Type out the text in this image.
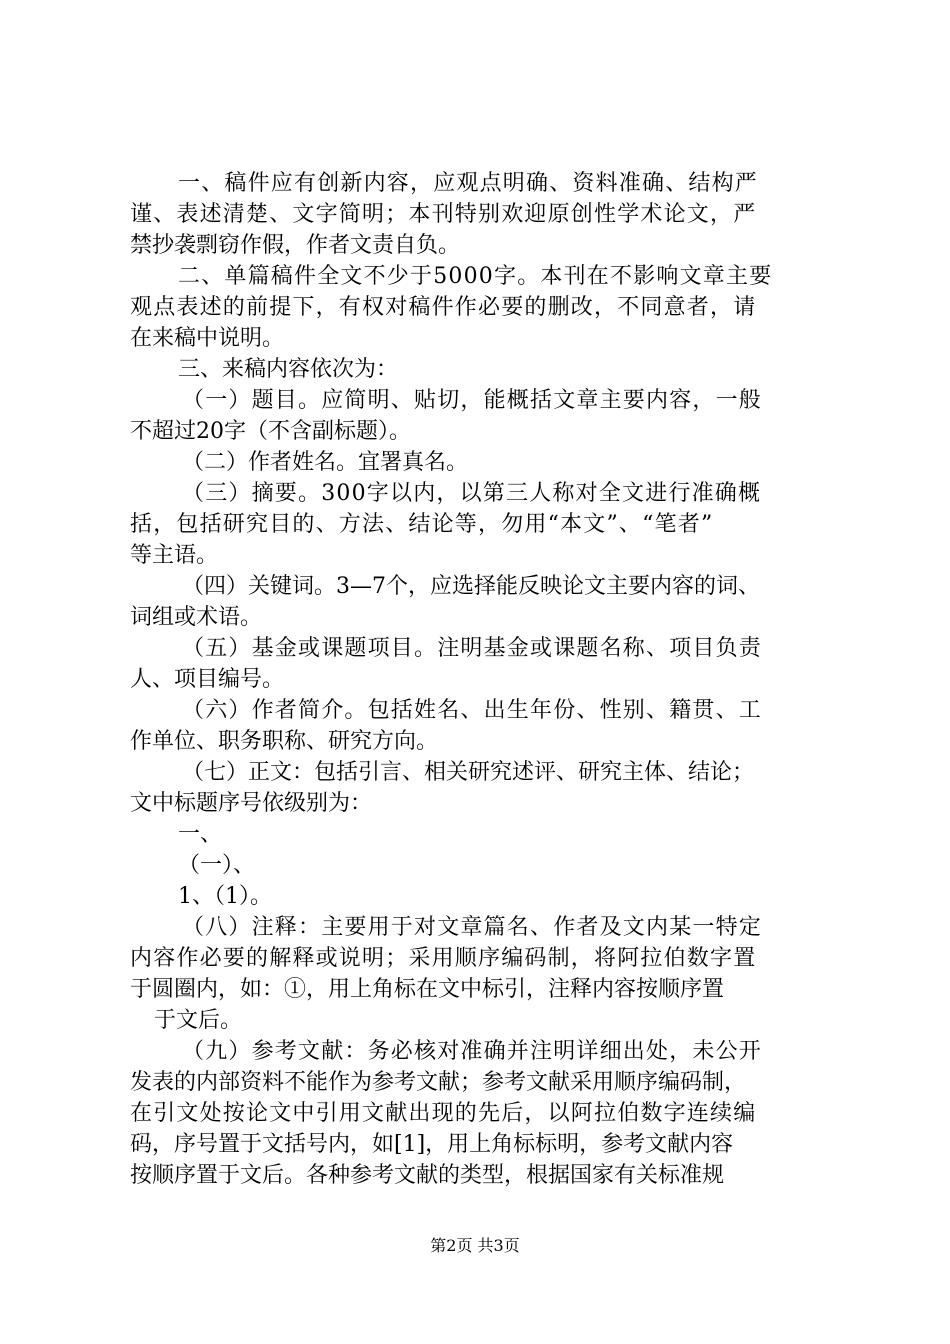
一、稿件应有创新内容，应观点明确、资料准确、结构严
谨、表述清楚、文字简明；本刊特别欢迎原创性学术论文，严
禁抄袭剽窃作假，作者文责自负。
二、单篇稿件全文不少于5000字。本刊在不影响文章主要
观点表述的前提下，有权对稿件作必要的删改，不同意者，请
在来稿中说明。
三、来稿内容依次为：
（一）题目。应简明、贴切，能概括文章主要内容，一般
不超过20字（不含副标题）。
（二）作者姓名。宜署真名。
（三）摘要。300字以内，以第三人称对全文进行准确概
括，包括研究目的、方法、结论等，勿用“本文”、“笔者”
等主语。
（四）关键词。3—7个，应选择能反映论文主要内容的词、
词组或术语。
（五）基金或课题项目。注明基金或课题名称、项目负责
人、项目编号。
（六）作者简介。包括姓名、出生年份、性别、籍贯、工
作单位、职务职称、研究方向。
（七）正文：包括引言、相关研究述评、研究主体、结论；
文中标题序号依级别为：
一、
（一）、
1、（1）。
（八）注释：主要用于对文章篇名、作者及文内某一特定
内容作必要的解释或说明；采用顺序编码制，将阿拉伯数字置
于圆圈内，如：①，用上角标在文中标引，注释内容按顺序置
于文后。
（九）参考文献：务必核对准确并注明详细出处，未公开
发表的内部资料不能作为参考文献；参考文献采用顺序编码制，
在引文处按论文中引用文献出现的先后，以阿拉伯数字连续编
码，序号置于文括号内，如[1]，用上角标标明，参考文献内容
按顺序置于文后。各种参考文献的类型，根据国家有关标准规
第2页 共3页
